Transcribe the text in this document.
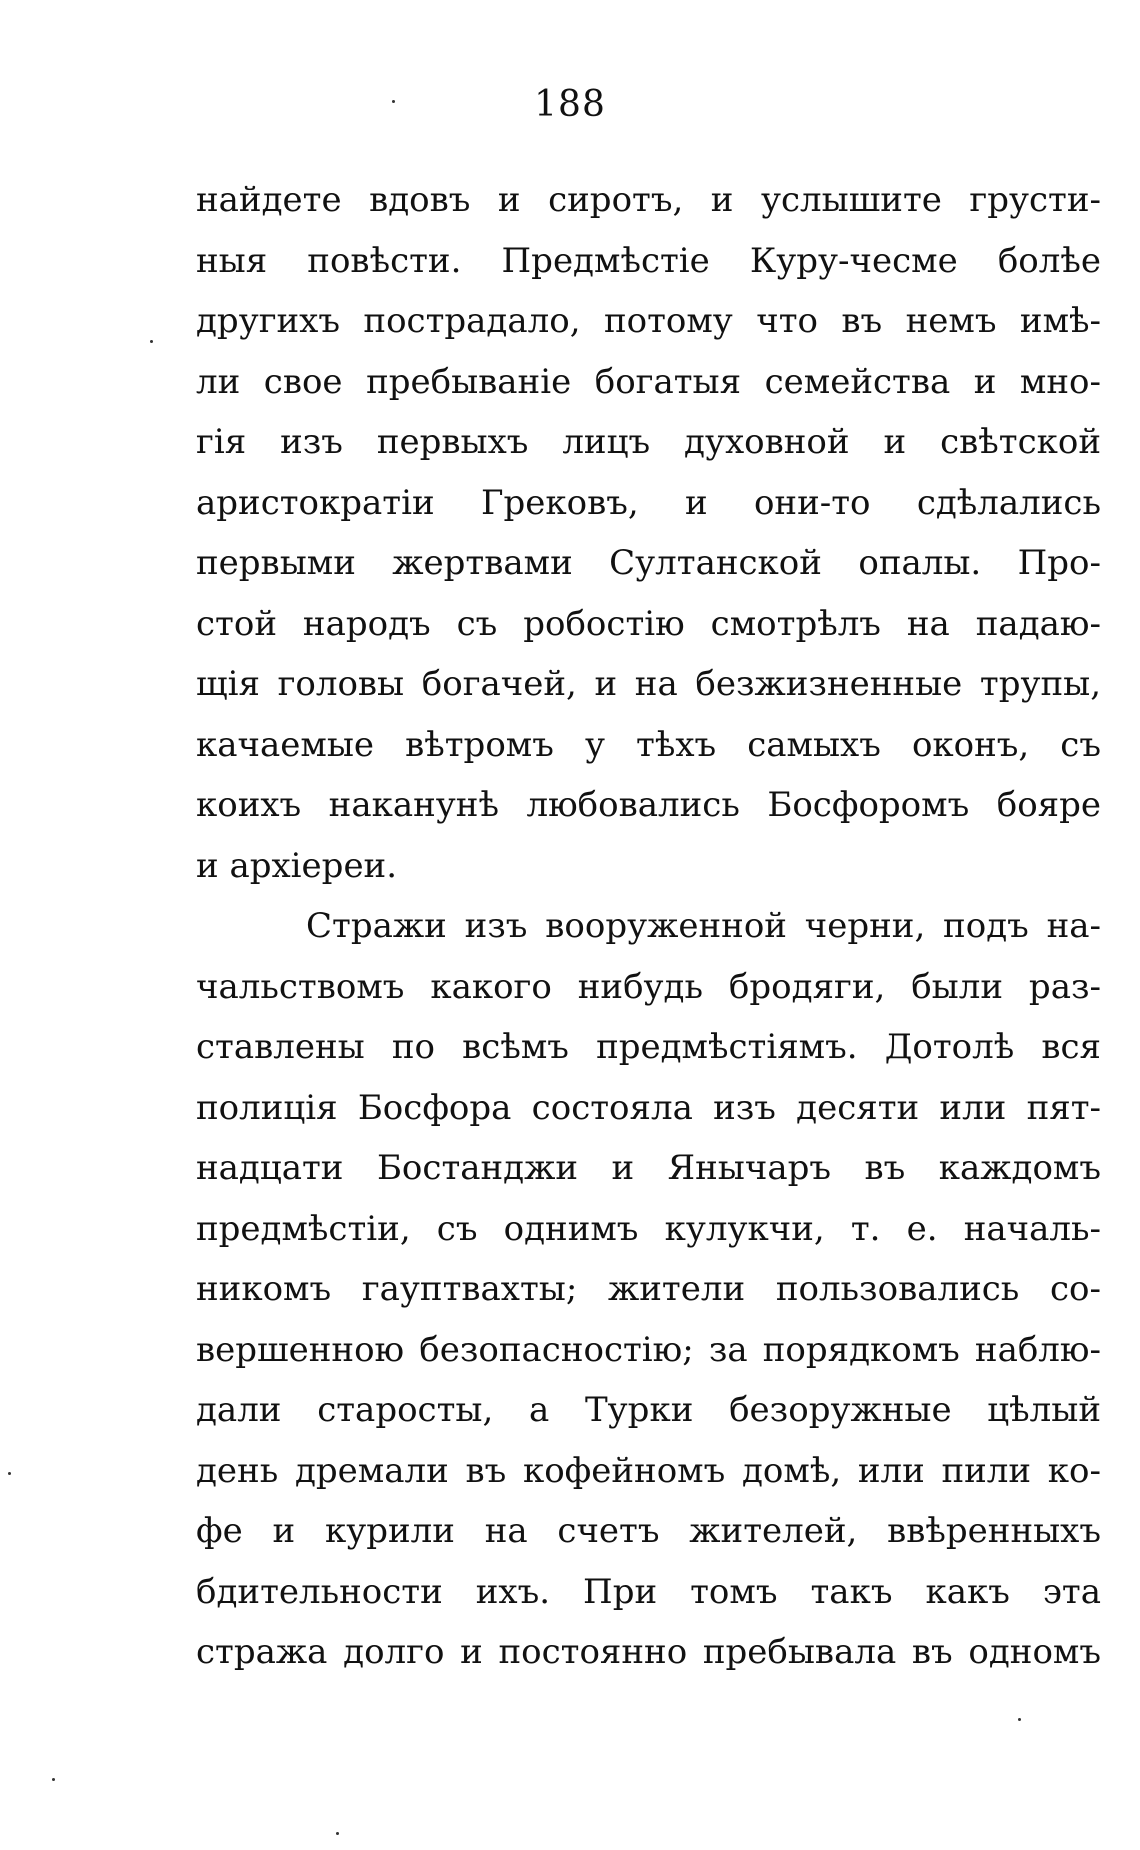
188
найдете вдовъ и сиротъ, и услышите грусти-
ныя повѣсти. Предмѣстіе Куру-чесме болѣе
другихъ пострадало, потому что въ немъ имѣ-
ли свое пребываніе богатыя семейства и мно-
гія изъ первыхъ лицъ духовной и свѣтской
аристократіи Грековъ, и они-то сдѣлались
первыми жертвами Султанской опалы. Про-
стой народъ съ робостію смотрѣлъ на падаю-
щія головы богачей, и на безжизненные трупы,
качаемые вѣтромъ у тѣхъ самыхъ оконъ, съ
коихъ наканунѣ любовались Босфоромъ бояре
и архіереи.
Стражи изъ вооруженной черни, подъ на-
чальствомъ какого нибудь бродяги, были раз-
ставлены по всѣмъ предмѣстіямъ. Дотолѣ вся
полиція Босфора состояла изъ десяти или пят-
надцати Бостанджи и Янычаръ въ каждомъ
предмѣстіи, съ однимъ кулукчи, т. е. началь-
никомъ гауптвахты; жители пользовались со-
вершенною безопасностію; за порядкомъ наблю-
дали старосты, а Турки безоружные цѣлый
день дремали въ кофейномъ домѣ, или пили ко-
фе и курили на счетъ жителей, ввѣренныхъ
бдительности ихъ. При томъ такъ какъ эта
стража долго и постоянно пребывала въ одномъ
